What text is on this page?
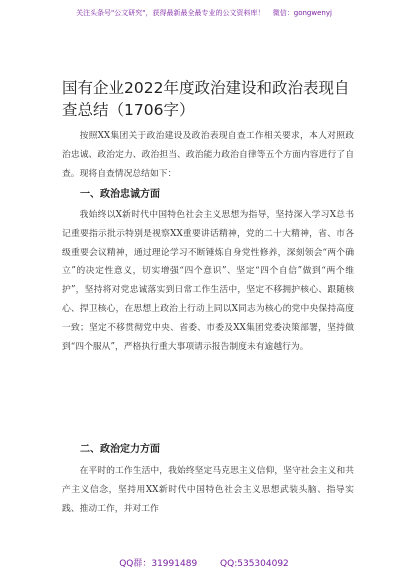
关注头条号"公文研究"，获得最新最全最专业的公文资料库！ 微信：gongwenyj
国有企业2022年度政治建设和政治表现自查总结（1706字）

按照XX集团关于政治建设及政治表现自查工作相关要求，本人对照政治忠诚、政治定力、政治担当、政治能力政治自律等五个方面内容进行了自查。现将自查情况总结如下：

一、政治忠诚方面

我始终以X新时代中国特色社会主义思想为指导，坚持深入学习X总书记重要指示批示特别是视察XX重要讲话精神，党的二十大精神，省、市各级重要会议精神，通过理论学习不断锤炼自身党性修养，深刻领会“两个确立”的决定性意义，切实增强“四个意识”、坚定“四个自信”做到“两个维护”，坚持将对党忠诚落实到日常工作生活中，坚定不移拥护核心、跟随核心、捍卫核心，在思想上政治上行动上同以X同志为核心的党中央保持高度一致；坚定不移贯彻党中央、省委、市委及XX集团党委决策部署，坚持做到“四个服从”，严格执行重大事项请示报告制度未有逾越行为。

二、政治定力方面

在平时的工作生活中，我始终坚定马克思主义信仰，坚守社会主义和共产主义信念，坚持用XX新时代中国特色社会主义思想武装头脑、指导实践、推动工作，并对工作

QQ群：31991489	QQ:535304092
